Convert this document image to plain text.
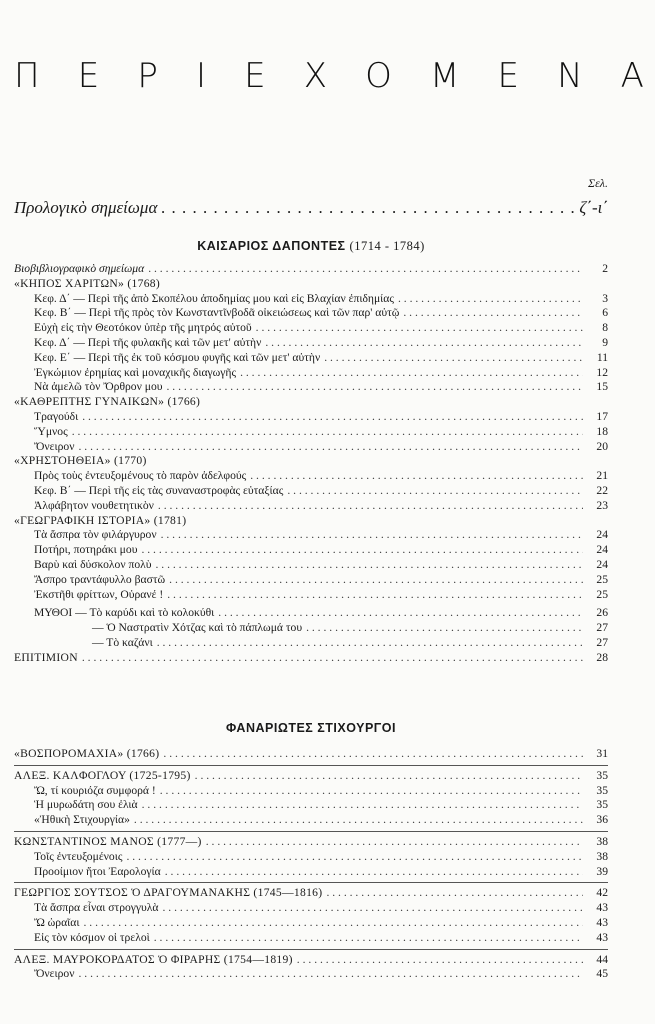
Π Ε Ρ Ι Ε Χ Ο Μ Ε Ν Α
Σελ.
Προλογικὸ σημείωμα . . .	ζ΄-ι΄
ΚΑΙΣΑΡΙΟΣ ΔΑΠΟΝΤΕΣ (1714 - 1784)
Βιοβιβλιογραφικὸ σημείωμα . . .	2
«ΚΗΠΟΣ ΧΑΡΙΤΩΝ» (1768)
Κεφ. Δ΄ — Περὶ τῆς ἀπὸ Σκοπέλου ἀποδημίας μου καὶ εἰς Βλαχίαν ἐπιδημίας . . .	3
Κεφ. Β΄ — Περὶ τῆς πρὸς τὸν Κωνσταντῖνβοδᾶ οἰκειώσεως καὶ τῶν παρ' αὐτῷ . . .	6
Εὐχὴ εἰς τὴν Θεοτόκον ὑπὲρ τῆς μητρός αὐτοῦ . . .	8
Κεφ. Δ΄ — Περὶ τῆς φυλακῆς καὶ τῶν μετ' αὐτὴν . . .	9
Κεφ. Ε΄ — Περὶ τῆς ἐκ τοῦ κόσμου φυγῆς καὶ τῶν μετ' αὐτὴν . . .	11
Ἐγκώμιον ἐρημίας καὶ μοναχικῆς διαγωγῆς . . .	12
Νὰ ἀμελῶ τὸν Ὄρθρον μου . . .	15
«ΚΑΘΡΕΠΤΗΣ ΓΥΝΑΙΚΩΝ» (1766)
Τραγούδι . . .	17
Ὕμνος . . .	18
Ὄνειρον . . .	20
«ΧΡΗΣΤΟΗΘΕΙΑ» (1770)
Πρὸς τοὺς ἐντευξομένους τὸ παρὸν ἀδελφούς . . .	21
Κεφ. Β΄ — Περὶ τῆς εἰς τὰς συναναστροφὰς εὐταξίας . . .	22
Ἀλφάβητον νουθετητικὸν . . .	23
«ΓΕΩΓΡΑΦΙΚΗ ΙΣΤΟΡΙΑ» (1781)
Τὰ ἄσπρα τὸν φιλάργυρον . . .	24
Ποτήρι, ποτηράκι μου . . .	24
Βαρὺ καὶ δύσκολον πολὺ . . .	24
Ἄσπρο τραντάφυλλο βαστῶ . . .	25
Ἐκστῆθι φρίττων, Οὐρανέ ! . . .	25
ΜΥΘΟΙ — Τὸ καρύδι καὶ τὸ κολοκύθι . . .	26
— Ὁ Ναστρατὶν Χότζας καὶ τὸ πάπλωμά του . . .	27
— Τὸ καζάνι . . .	27
ΕΠΙΤΙΜΙΟΝ . . .	28
ΦΑΝΑΡΙΩΤΕΣ ΣΤΙΧΟΥΡΓΟΙ
«ΒΟΣΠΟΡΟΜΑΧΙΑ» (1766) . . .	31
ΑΛΕΞ. ΚΑΛΦΟΓΛΟΥ (1725-1795) . . .	35
Ὤ, τί κουριόζα συμφορά ! . . .	35
Ἡ μυρωδάτη σου ἐλιὰ . . .	35
«Ἠθικὴ Στιχουργία» . . .	36
ΚΩΝΣΤΑΝΤΙΝΟΣ ΜΑΝΟΣ (1777—) . . .	38
Τοῖς ἐντευξομένοις . . .	38
Προοίμιον ἤτοι Ἐαρολογία . . .	39
ΓΕΩΡΓΙΟΣ ΣΟΥΤΣΟΣ Ὁ ΔΡΑΓΟΥΜΑΝΑΚΗΣ (1745—1816) . . .	42
Τὰ ἄσπρα εἶναι στρογγυλὰ . . .	43
Ὤ ὡραῖαι . . .	43
Εἰς τὸν κόσμον οἱ τρελοὶ . . .	43
ΑΛΕΞ. ΜΑΥΡΟΚΟΡΔΑΤΟΣ Ὁ ΦΙΡΑΡΗΣ (1754—1819) . . .	44
Ὄνειρον . . .	45
